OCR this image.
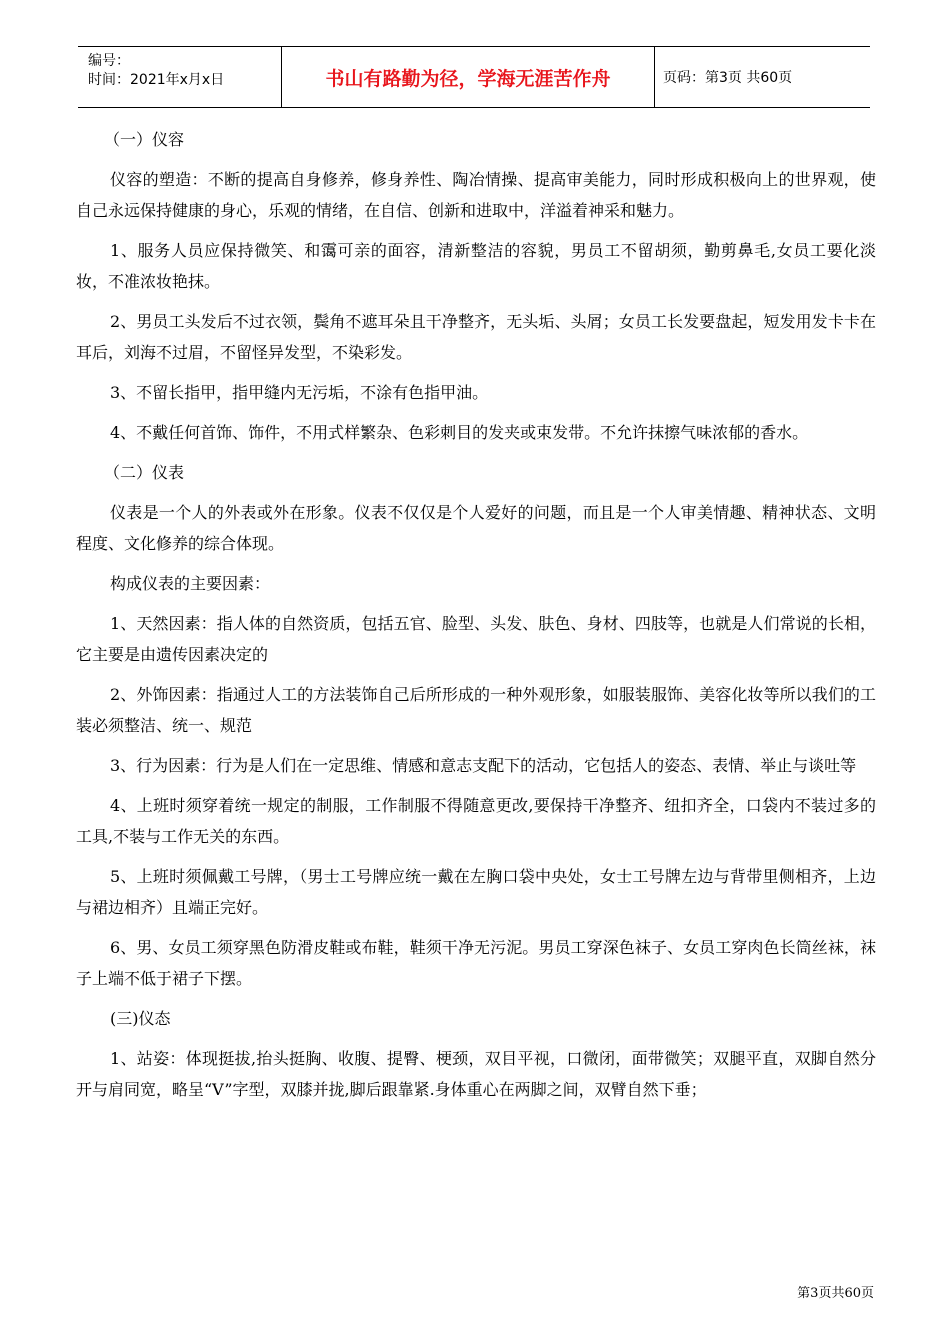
编号：
时间：2021年x月x日	书山有路勤为径，学海无涯苦作舟	页码：第3页 共60页

（一）仪容

仪容的塑造：不断的提高自身修养，修身养性、陶冶情操、提高审美能力，同时形成积极向上的世界观，使自己永远保持健康的身心，乐观的情绪，在自信、创新和进取中，洋溢着神采和魅力。

1、服务人员应保持微笑、和霭可亲的面容，清新整洁的容貌，男员工不留胡须，勤剪鼻毛,女员工要化淡妆，不准浓妆艳抹。

2、男员工头发后不过衣领，鬓角不遮耳朵且干净整齐，无头垢、头屑；女员工长发要盘起，短发用发卡卡在耳后，刘海不过眉，不留怪异发型，不染彩发。

3、不留长指甲，指甲缝内无污垢，不涂有色指甲油。

4、不戴任何首饰、饰件，不用式样繁杂、色彩刺目的发夹或束发带。不允许抹擦气味浓郁的香水。

（二）仪表

仪表是一个人的外表或外在形象。仪表不仅仅是个人爱好的问题，而且是一个人审美情趣、精神状态、文明程度、文化修养的综合体现。

构成仪表的主要因素：

1、天然因素：指人体的自然资质，包括五官、脸型、头发、肤色、身材、四肢等，也就是人们常说的长相，它主要是由遗传因素决定的

2、外饰因素：指通过人工的方法装饰自己后所形成的一种外观形象，如服装服饰、美容化妆等所以我们的工装必须整洁、统一、规范

3、行为因素：行为是人们在一定思维、情感和意志支配下的活动，它包括人的姿态、表情、举止与谈吐等

4、上班时须穿着统一规定的制服，工作制服不得随意更改,要保持干净整齐、纽扣齐全，口袋内不装过多的工具,不装与工作无关的东西。

5、上班时须佩戴工号牌，（男士工号牌应统一戴在左胸口袋中央处，女士工号牌左边与背带里侧相齐，上边与裙边相齐）且端正完好。

6、男、女员工须穿黑色防滑皮鞋或布鞋，鞋须干净无污泥。男员工穿深色袜子、女员工穿肉色长筒丝袜，袜子上端不低于裙子下摆。

(三)仪态

1、站姿：体现挺拔,抬头挺胸、收腹、提臀、梗颈，双目平视，口微闭，面带微笑；双腿平直，双脚自然分开与肩同宽，略呈“V”字型，双膝并拢,脚后跟靠紧.身体重心在两脚之间，双臂自然下垂；

第3页共60页
